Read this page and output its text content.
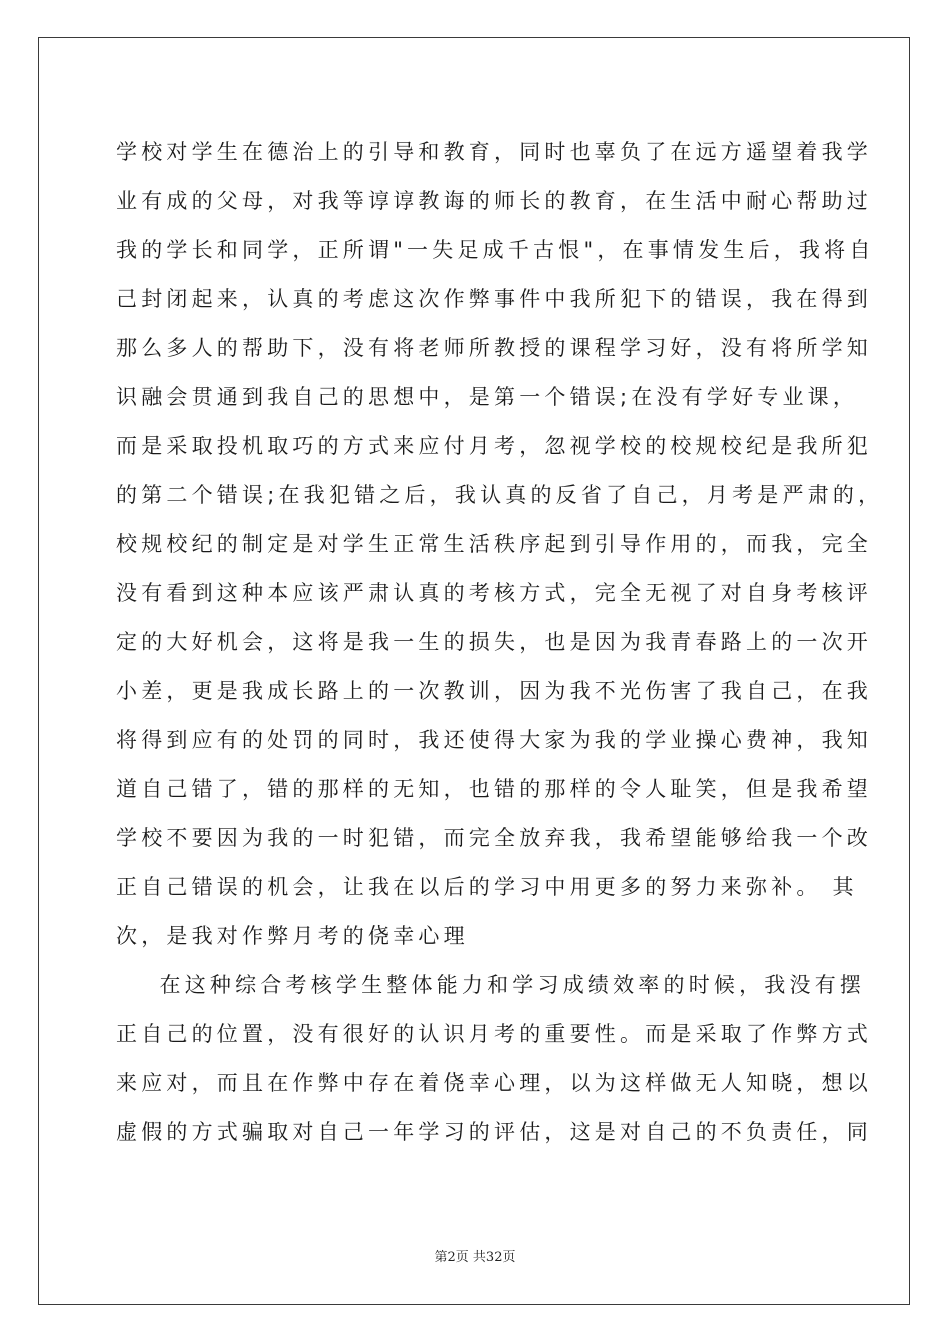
学校对学生在德治上的引导和教育，同时也辜负了在远方遥望着我学
业有成的父母，对我等谆谆教诲的师长的教育，在生活中耐心帮助过
我的学长和同学，正所谓"一失足成千古恨"，在事情发生后，我将自
己封闭起来，认真的考虑这次作弊事件中我所犯下的错误，我在得到
那么多人的帮助下，没有将老师所教授的课程学习好，没有将所学知
识融会贯通到我自己的思想中，是第一个错误;在没有学好专业课，
而是采取投机取巧的方式来应付月考，忽视学校的校规校纪是我所犯
的第二个错误;在我犯错之后，我认真的反省了自己，月考是严肃的，
校规校纪的制定是对学生正常生活秩序起到引导作用的，而我，完全
没有看到这种本应该严肃认真的考核方式，完全无视了对自身考核评
定的大好机会，这将是我一生的损失，也是因为我青春路上的一次开
小差，更是我成长路上的一次教训，因为我不光伤害了我自己，在我
将得到应有的处罚的同时，我还使得大家为我的学业操心费神，我知
道自己错了，错的那样的无知，也错的那样的令人耻笑，但是我希望
学校不要因为我的一时犯错，而完全放弃我，我希望能够给我一个改
正自己错误的机会，让我在以后的学习中用更多的努力来弥补。 其
次，是我对作弊月考的侥幸心理
在这种综合考核学生整体能力和学习成绩效率的时候，我没有摆
正自己的位置，没有很好的认识月考的重要性。而是采取了作弊方式
来应对，而且在作弊中存在着侥幸心理，以为这样做无人知晓，想以
虚假的方式骗取对自己一年学习的评估，这是对自己的不负责任，同
第2页 共32页
